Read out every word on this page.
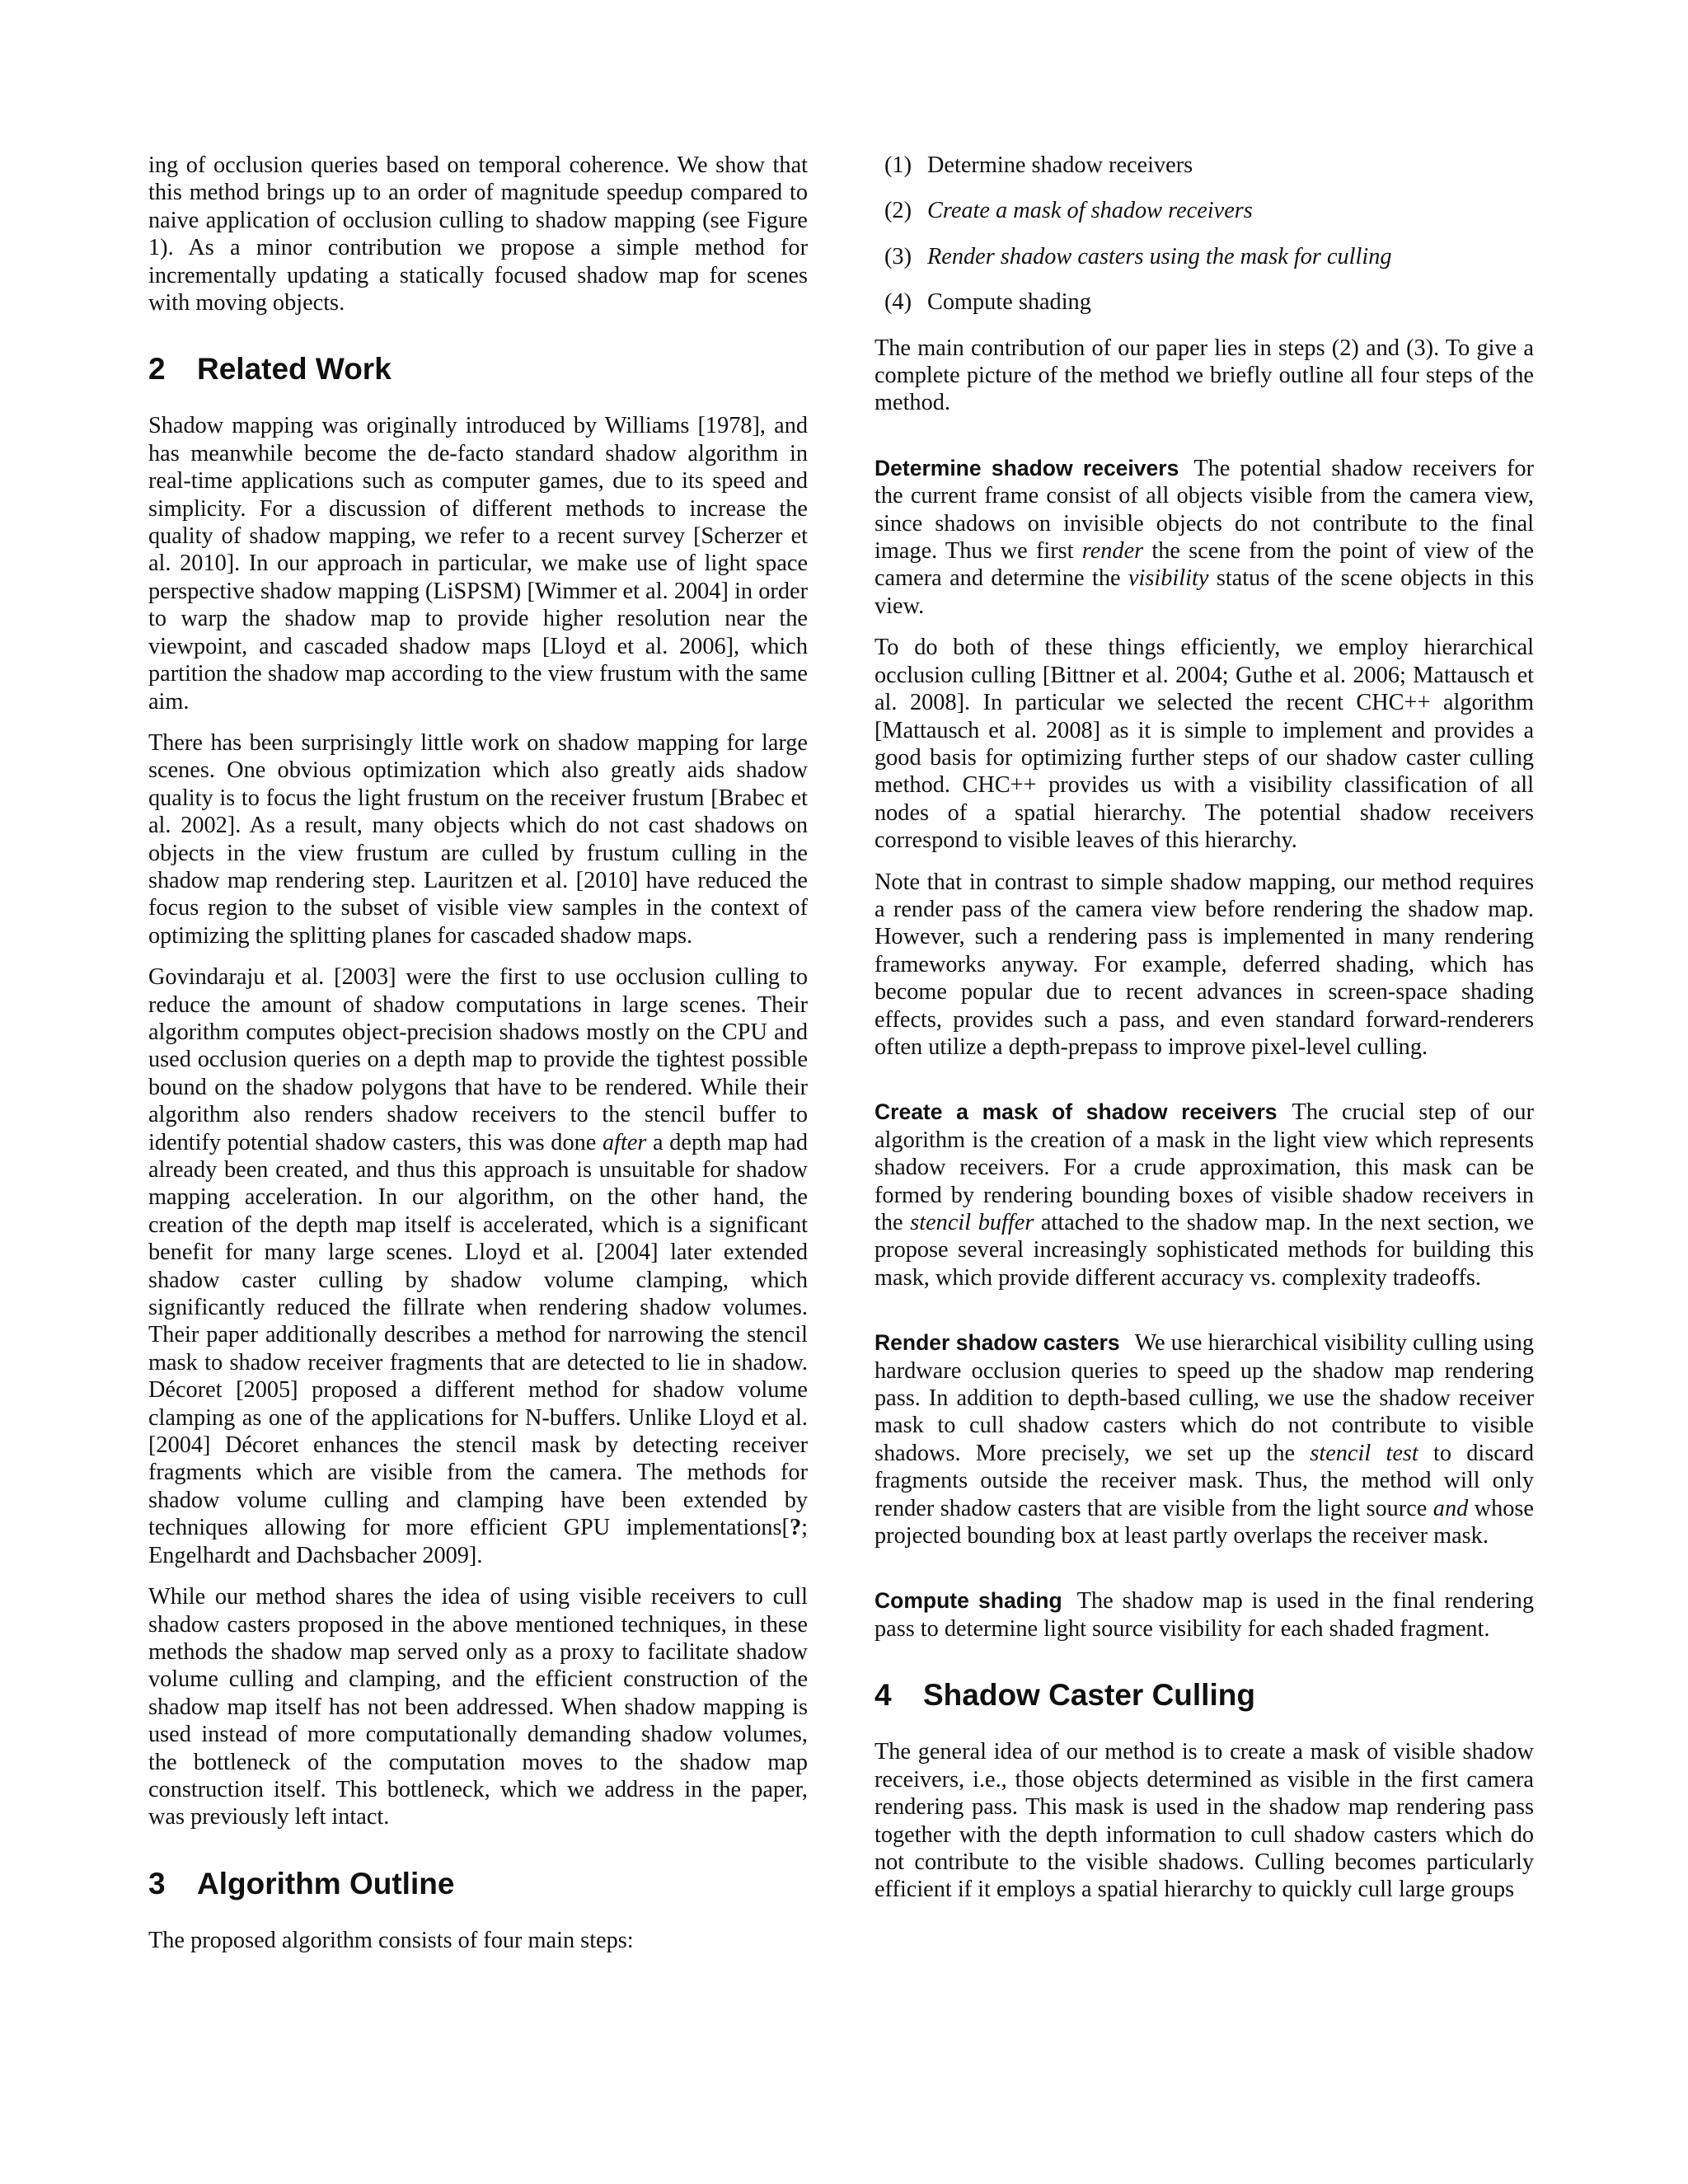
ing of occlusion queries based on temporal coherence. We show that this method brings up to an order of magnitude speedup compared to naive application of occlusion culling to shadow mapping (see Figure 1). As a minor contribution we propose a simple method for incrementally updating a statically focused shadow map for scenes with moving objects.

2 Related Work

Shadow mapping was originally introduced by Williams [1978], and has meanwhile become the de-facto standard shadow algorithm in real-time applications such as computer games, due to its speed and simplicity. For a discussion of different methods to increase the quality of shadow mapping, we refer to a recent survey [Scherzer et al. 2010]. In our approach in particular, we make use of light space perspective shadow mapping (LiSPSM) [Wimmer et al. 2004] in order to warp the shadow map to provide higher resolution near the viewpoint, and cascaded shadow maps [Lloyd et al. 2006], which partition the shadow map according to the view frustum with the same aim.

There has been surprisingly little work on shadow mapping for large scenes. One obvious optimization which also greatly aids shadow quality is to focus the light frustum on the receiver frustum [Brabec et al. 2002]. As a result, many objects which do not cast shadows on objects in the view frustum are culled by frustum culling in the shadow map rendering step. Lauritzen et al. [2010] have reduced the focus region to the subset of visible view samples in the context of optimizing the splitting planes for cascaded shadow maps.

Govindaraju et al. [2003] were the first to use occlusion culling to reduce the amount of shadow computations in large scenes. Their algorithm computes object-precision shadows mostly on the CPU and used occlusion queries on a depth map to provide the tightest possible bound on the shadow polygons that have to be rendered. While their algorithm also renders shadow receivers to the stencil buffer to identify potential shadow casters, this was done after a depth map had already been created, and thus this approach is unsuitable for shadow mapping acceleration. In our algorithm, on the other hand, the creation of the depth map itself is accelerated, which is a significant benefit for many large scenes. Lloyd et al. [2004] later extended shadow caster culling by shadow volume clamping, which significantly reduced the fillrate when rendering shadow volumes. Their paper additionally describes a method for narrowing the stencil mask to shadow receiver fragments that are detected to lie in shadow. Décoret [2005] proposed a different method for shadow volume clamping as one of the applications for N-buffers. Unlike Lloyd et al. [2004] Décoret enhances the stencil mask by detecting receiver fragments which are visible from the camera. The methods for shadow volume culling and clamping have been extended by techniques allowing for more efficient GPU implementations[?; Engelhardt and Dachsbacher 2009].

While our method shares the idea of using visible receivers to cull shadow casters proposed in the above mentioned techniques, in these methods the shadow map served only as a proxy to facilitate shadow volume culling and clamping, and the efficient construction of the shadow map itself has not been addressed. When shadow mapping is used instead of more computationally demanding shadow volumes, the bottleneck of the computation moves to the shadow map construction itself. This bottleneck, which we address in the paper, was previously left intact.

3 Algorithm Outline

The proposed algorithm consists of four main steps:

(1) Determine shadow receivers
(2) Create a mask of shadow receivers
(3) Render shadow casters using the mask for culling
(4) Compute shading

The main contribution of our paper lies in steps (2) and (3). To give a complete picture of the method we briefly outline all four steps of the method.

Determine shadow receivers The potential shadow receivers for the current frame consist of all objects visible from the camera view, since shadows on invisible objects do not contribute to the final image. Thus we first render the scene from the point of view of the camera and determine the visibility status of the scene objects in this view.

To do both of these things efficiently, we employ hierarchical occlusion culling [Bittner et al. 2004; Guthe et al. 2006; Mattausch et al. 2008]. In particular we selected the recent CHC++ algorithm [Mattausch et al. 2008] as it is simple to implement and provides a good basis for optimizing further steps of our shadow caster culling method. CHC++ provides us with a visibility classification of all nodes of a spatial hierarchy. The potential shadow receivers correspond to visible leaves of this hierarchy.

Note that in contrast to simple shadow mapping, our method requires a render pass of the camera view before rendering the shadow map. However, such a rendering pass is implemented in many rendering frameworks anyway. For example, deferred shading, which has become popular due to recent advances in screen-space shading effects, provides such a pass, and even standard forward-renderers often utilize a depth-prepass to improve pixel-level culling.

Create a mask of shadow receivers The crucial step of our algorithm is the creation of a mask in the light view which represents shadow receivers. For a crude approximation, this mask can be formed by rendering bounding boxes of visible shadow receivers in the stencil buffer attached to the shadow map. In the next section, we propose several increasingly sophisticated methods for building this mask, which provide different accuracy vs. complexity tradeoffs.

Render shadow casters We use hierarchical visibility culling using hardware occlusion queries to speed up the shadow map rendering pass. In addition to depth-based culling, we use the shadow receiver mask to cull shadow casters which do not contribute to visible shadows. More precisely, we set up the stencil test to discard fragments outside the receiver mask. Thus, the method will only render shadow casters that are visible from the light source and whose projected bounding box at least partly overlaps the receiver mask.

Compute shading The shadow map is used in the final rendering pass to determine light source visibility for each shaded fragment.

4 Shadow Caster Culling

The general idea of our method is to create a mask of visible shadow receivers, i.e., those objects determined as visible in the first camera rendering pass. This mask is used in the shadow map rendering pass together with the depth information to cull shadow casters which do not contribute to the visible shadows. Culling becomes particularly efficient if it employs a spatial hierarchy to quickly cull large groups
